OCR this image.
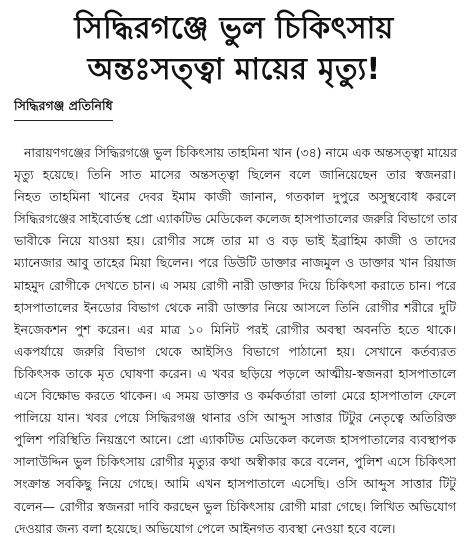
সিদ্ধিরগঞ্জে ভুল চিকিৎসায়
অন্তঃসত্ত্বা মায়ের মৃত্যু!
সিদ্ধিরগঞ্জ প্রতিনিধি
নারায়ণগঞ্জের সিদ্ধিরগঞ্জে ভুল চিকিৎসায় তাহমিনা খান (৩৪) নামে এক অন্তসত্ত্বা মায়ের
মৃত্যু হয়েছে। তিনি সাত মাসের অন্তসত্ত্বা ছিলেন বলে জানিয়েছেন তার স্বজনরা।
নিহত তাহমিনা খানের দেবর ইমাম কাজী জানান, গতকাল দুপুরে অসুস্থবোধ করলে
সিদ্ধিরগঞ্জের সাইবোর্ডস্থ প্রো এ্যাকটিভ মেডিকেল কলেজ হাসপাতালের জরুরি বিভাগে তার
ভাবীকে নিয়ে যাওয়া হয়। রোগীর সঙ্গে তার মা ও বড় ভাই ইব্রাহিম কাজী ও তাদের
ম্যানেজার আবু তাহের মিয়া ছিলেন। পরে ডিউটি ডাক্তার নাজমুল ও ডাক্তার খান রিয়াজ
মাহমুদ রোগীকে দেখতে চান। এ সময় রোগী নারী ডাক্তার দিয়ে চিকিৎসা করাতে চান। পরে
হাসপাতালের ইনডোর বিভাগ থেকে নারী ডাক্তার নিয়ে আসলে তিনি রোগীর শরীরে দুটি
ইনজেকশন পুশ করেন। এর মাত্র ১০ মিনিট পরই রোগীর অবস্থা অবনতি হতে থাকে।
একপর্যায়ে জরুরি বিভাগ থেকে আইসিও বিভাগে পাঠানো হয়। সেখানে কর্তব্যরত
চিকিৎসক তাকে মৃত ঘোষণা করেন। এ খবর ছড়িয়ে পড়লে আত্মীয়-স্বজনরা হাসপাতালে
এসে বিক্ষোভ করতে থাকেন। এ সময় ডাক্তার ও কর্মকর্তারা তালা মেরে হাসপাতাল ফেলে
পালিয়ে যান। খবর পেয়ে সিদ্ধিরগঞ্জ থানার ওসি আব্দুস সাত্তার টিটুর নেতৃত্বে অতিরিক্ত
পুলিশ পরিস্থিতি নিয়ন্ত্রণে আনে। প্রো এ্যাকটিভ মেডিকেল কলেজ হাসপাতালের ব্যবস্থাপক
সালাউদ্দিন ভুল চিকিৎসায় রোগীর মৃত্যুর কথা অস্বীকার করে বলেন, পুলিশ এসে চিকিৎসা
সংক্রান্ত সবকিছু নিয়ে গেছে। আমি এখন হাসপাতালে এসেছি। ওসি আব্দুস সাত্তার টিটু
বলেন— রোগীর স্বজনরা দাবি করছেন ভুল চিকিৎসায় রোগী মারা গেছে। লিখিত অভিযোগ
দেওয়ার জন্য বলা হয়েছে। অভিযোগ পেলে আইনগত ব্যবস্থা নেওয়া হবে বলে।
